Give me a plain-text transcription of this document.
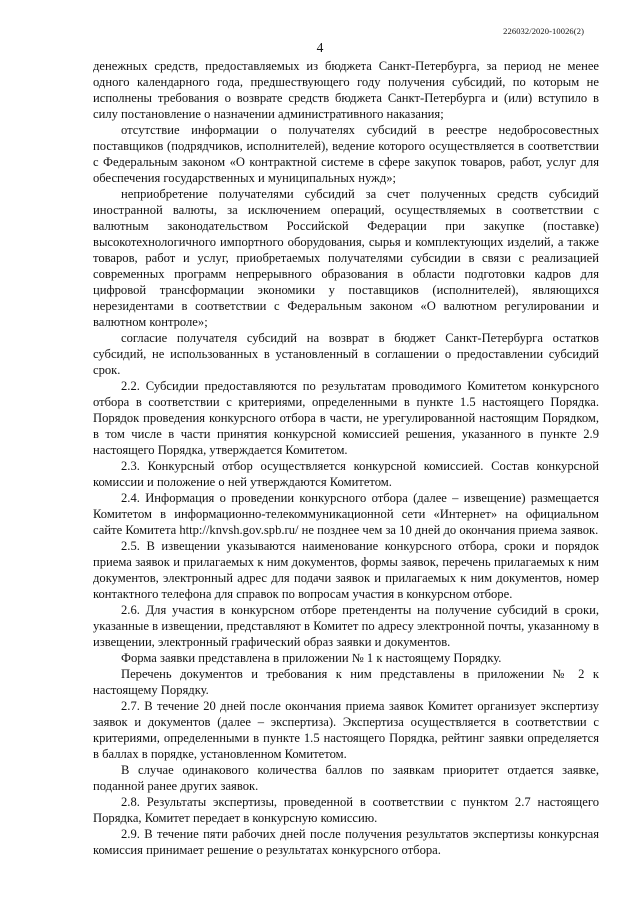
226032/2020-10026(2)
4

денежных средств, предоставляемых из бюджета Санкт-Петербурга, за период не менее одного календарного года, предшествующего году получения субсидий, по которым не исполнены требования о возврате средств бюджета Санкт-Петербурга и (или) вступило в силу постановление о назначении административного наказания;

отсутствие информации о получателях субсидий в реестре недобросовестных поставщиков (подрядчиков, исполнителей), ведение которого осуществляется в соответствии с Федеральным законом «О контрактной системе в сфере закупок товаров, работ, услуг для обеспечения государственных и муниципальных нужд»;

неприобретение получателями субсидий за счет полученных средств субсидий иностранной валюты, за исключением операций, осуществляемых в соответствии с валютным законодательством Российской Федерации при закупке (поставке) высокотехнологичного импортного оборудования, сырья и комплектующих изделий, а также товаров, работ и услуг, приобретаемых получателями субсидии в связи с реализацией современных программ непрерывного образования в области подготовки кадров для цифровой трансформации экономики у поставщиков (исполнителей), являющихся нерезидентами в соответствии с Федеральным законом «О валютном регулировании и валютном контроле»;

согласие получателя субсидий на возврат в бюджет Санкт-Петербурга остатков субсидий, не использованных в установленный в соглашении о предоставлении субсидий срок.

2.2. Субсидии предоставляются по результатам проводимого Комитетом конкурсного отбора в соответствии с критериями, определенными в пункте 1.5 настоящего Порядка. Порядок проведения конкурсного отбора в части, не урегулированной настоящим Порядком, в том числе в части принятия конкурсной комиссией решения, указанного в пункте 2.9 настоящего Порядка, утверждается Комитетом.

2.3. Конкурсный отбор осуществляется конкурсной комиссией. Состав конкурсной комиссии и положение о ней утверждаются Комитетом.

2.4. Информация о проведении конкурсного отбора (далее – извещение) размещается Комитетом в информационно-телекоммуникационной сети «Интернет» на официальном сайте Комитета http://knvsh.gov.spb.ru/ не позднее чем за 10 дней до окончания приема заявок.

2.5. В извещении указываются наименование конкурсного отбора, сроки и порядок приема заявок и прилагаемых к ним документов, формы заявок, перечень прилагаемых к ним документов, электронный адрес для подачи заявок и прилагаемых к ним документов, номер контактного телефона для справок по вопросам участия в конкурсном отборе.

2.6. Для участия в конкурсном отборе претенденты на получение субсидий в сроки, указанные в извещении, представляют в Комитет по адресу электронной почты, указанному в извещении, электронный графический образ заявки и документов.

Форма заявки представлена в приложении № 1 к настоящему Порядку.

Перечень документов и требования к ним представлены в приложении № 2 к настоящему Порядку.

2.7. В течение 20 дней после окончания приема заявок Комитет организует экспертизу заявок и документов (далее – экспертиза). Экспертиза осуществляется в соответствии с критериями, определенными в пункте 1.5 настоящего Порядка, рейтинг заявки определяется в баллах в порядке, установленном Комитетом.

В случае одинакового количества баллов по заявкам приоритет отдается заявке, поданной ранее других заявок.

2.8. Результаты экспертизы, проведенной в соответствии с пунктом 2.7 настоящего Порядка, Комитет передает в конкурсную комиссию.

2.9. В течение пяти рабочих дней после получения результатов экспертизы конкурсная комиссия принимает решение о результатах конкурсного отбора.
